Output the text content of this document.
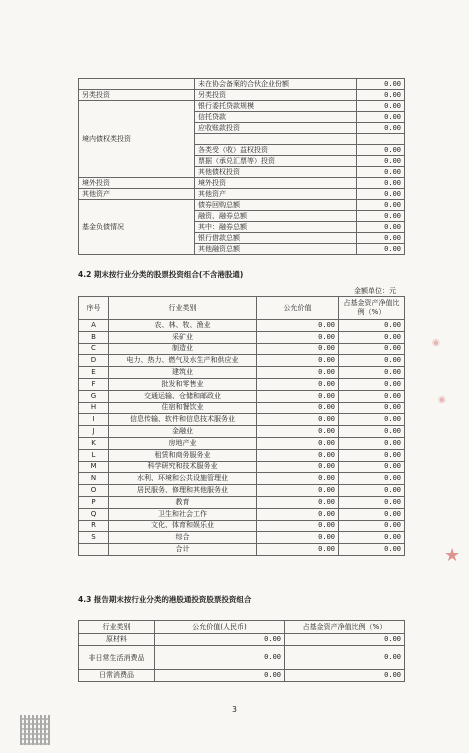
	未在协会备案的合伙企业份额	0.00
另类投资	另类投资	0.00
境内债权类投资	银行委托贷款规模	0.00
	信托贷款	0.00
	应收账款投资	0.00

	各类受（收）益权投资	0.00
	票据（承兑汇票等）投资	0.00
	其他债权投资	0.00
境外投资	境外投资	0.00
其他资产	其他资产	0.00
基金负债情况	债券回购总额	0.00
	融资、融券总额	0.00
	其中：融券总额	0.00
	银行借款总额	0.00
	其他融资总额	0.00
4.2 期末按行业分类的股票投资组合(不含港股通)
金额单位：元
序号	行业类别	公允价值	占基金资产净值比例（%）
A	农、林、牧、渔业	0.00	0.00
B	采矿业	0.00	0.00
C	制造业	0.00	0.00
D	电力、热力、燃气及水生产和供应业	0.00	0.00
E	建筑业	0.00	0.00
F	批发和零售业	0.00	0.00
G	交通运输、仓储和邮政业	0.00	0.00
H	住宿和餐饮业	0.00	0.00
I	信息传输、软件和信息技术服务业	0.00	0.00
J	金融业	0.00	0.00
K	房地产业	0.00	0.00
L	租赁和商务服务业	0.00	0.00
M	科学研究和技术服务业	0.00	0.00
N	水利、环境和公共设施管理业	0.00	0.00
O	居民服务、修理和其他服务业	0.00	0.00
P	教育	0.00	0.00
Q	卫生和社会工作	0.00	0.00
R	文化、体育和娱乐业	0.00	0.00
S	综合	0.00	0.00
	合计	0.00	0.00
4.3 报告期末按行业分类的港股通投资股票投资组合
行业类别	公允价值(人民币)	占基金资产净值比例（%）
原材料	0.00	0.00
非日常生活消费品	0.00	0.00
日常消费品	0.00	0.00
3
◉
◉
★
